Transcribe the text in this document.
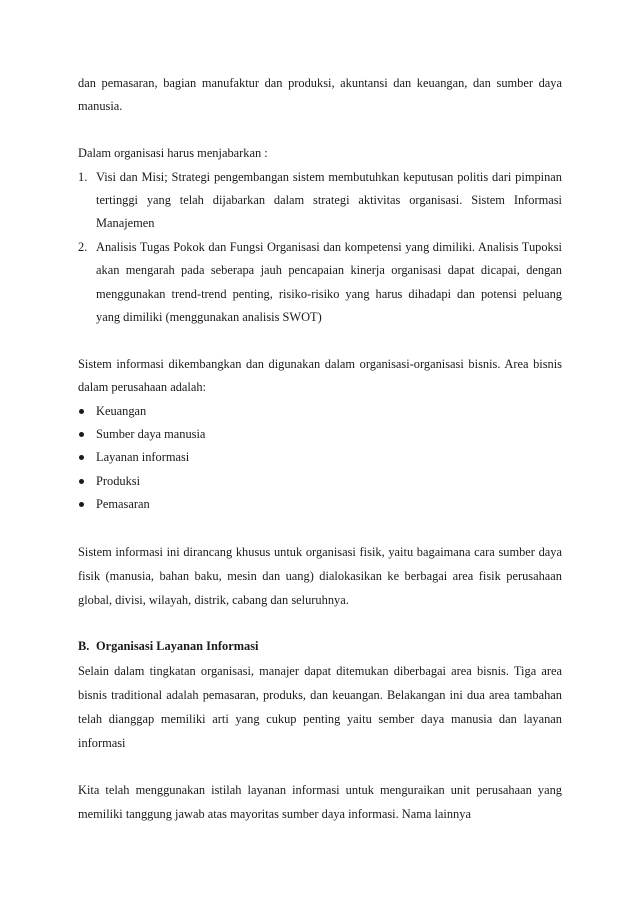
dan pemasaran, bagian manufaktur dan produksi, akuntansi dan keuangan, dan sumber daya manusia.

Dalam organisasi harus menjabarkan :

1. Visi dan Misi; Strategi pengembangan sistem membutuhkan keputusan politis dari pimpinan tertinggi yang telah dijabarkan dalam strategi aktivitas organisasi. Sistem Informasi Manajemen
2. Analisis Tugas Pokok dan Fungsi Organisasi dan kompetensi yang dimiliki. Analisis Tupoksi akan mengarah pada seberapa jauh pencapaian kinerja organisasi dapat dicapai, dengan menggunakan trend-trend penting, risiko-risiko yang harus dihadapi dan potensi peluang yang dimiliki (menggunakan analisis SWOT)

Sistem informasi dikembangkan dan digunakan dalam organisasi-organisasi bisnis. Area bisnis dalam perusahaan adalah:

Keuangan
Sumber daya manusia
Layanan informasi
Produksi
Pemasaran

Sistem informasi ini dirancang khusus untuk organisasi fisik, yaitu bagaimana cara sumber daya fisik (manusia, bahan baku, mesin dan uang) dialokasikan ke berbagai area fisik perusahaan global, divisi, wilayah, distrik, cabang dan seluruhnya.

B. Organisasi Layanan Informasi

Selain dalam tingkatan organisasi, manajer dapat ditemukan diberbagai area bisnis. Tiga area bisnis traditional adalah pemasaran, produks, dan keuangan. Belakangan ini dua area tambahan telah dianggap memiliki arti yang cukup penting yaitu sember daya manusia dan layanan informasi

Kita telah menggunakan istilah layanan informasi untuk menguraikan unit perusahaan yang memiliki tanggung jawab atas mayoritas sumber daya informasi. Nama lainnya
